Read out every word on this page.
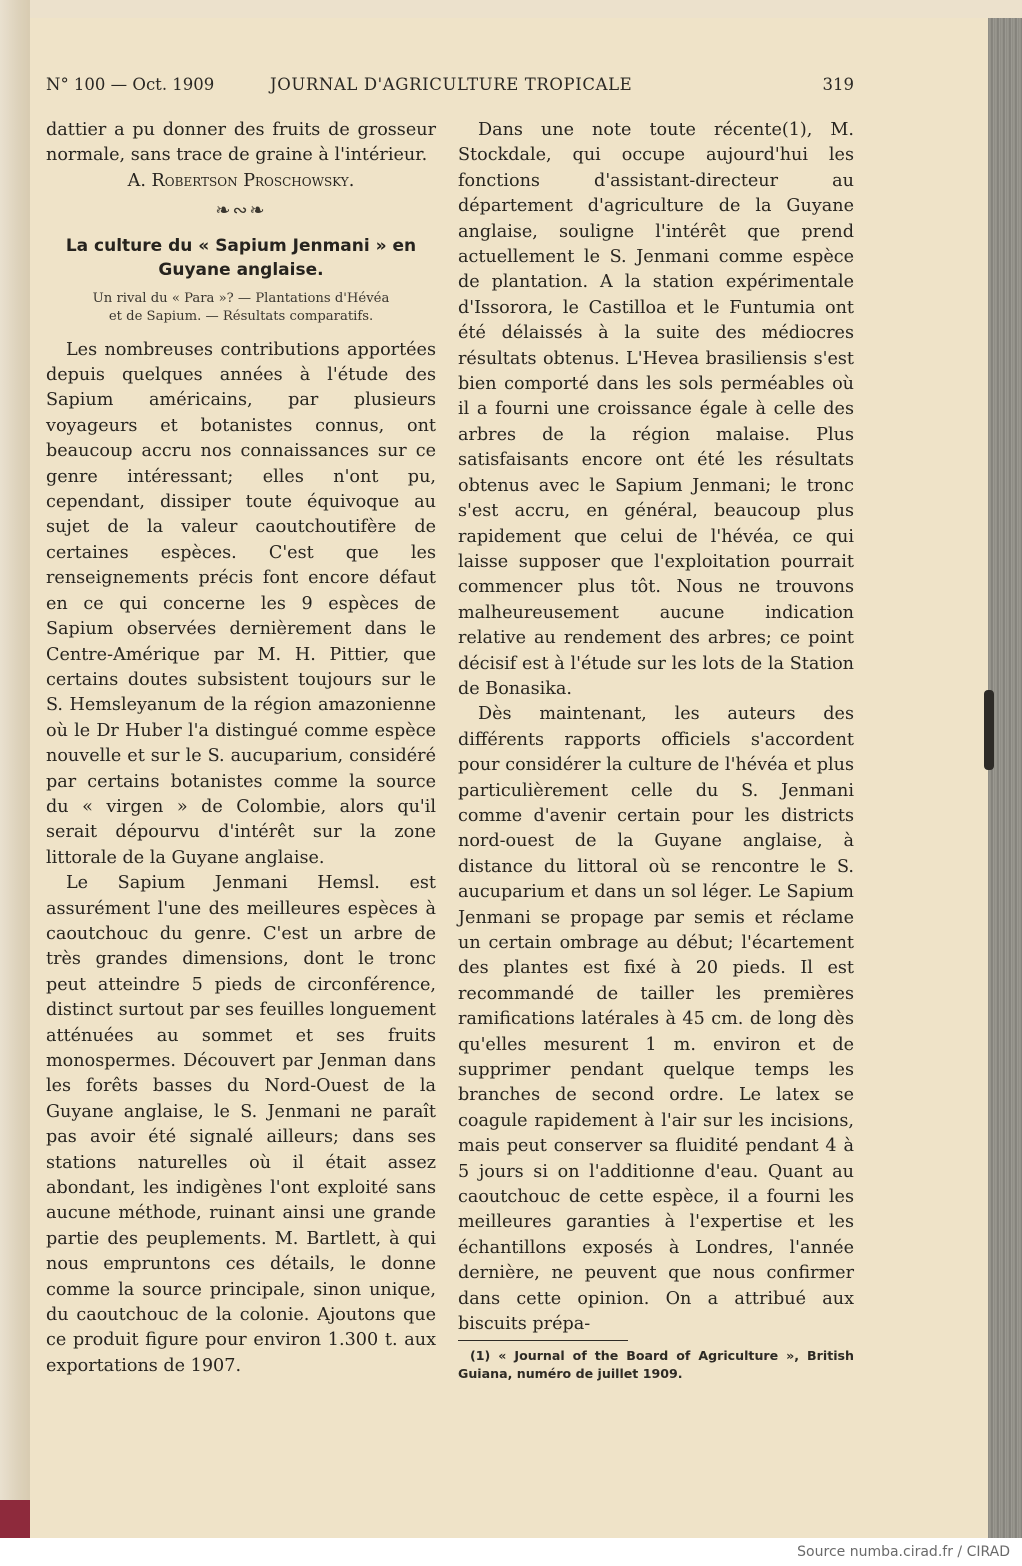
N° 100 — Oct. 1909	JOURNAL D'AGRICULTURE TROPICALE	319

dattier a pu donner des fruits de grosseur normale, sans trace de graine à l'intérieur.

A. Robertson Proschowsky.

❧∾❧
La culture du « Sapium Jenmani » en Guyane anglaise.
Un rival du « Para »? — Plantations d'Hévéa
et de Sapium. — Résultats comparatifs.

Les nombreuses contributions apportées depuis quelques années à l'étude des Sapium américains, par plusieurs voyageurs et botanistes connus, ont beaucoup accru nos connaissances sur ce genre intéressant; elles n'ont pu, cependant, dissiper toute équivoque au sujet de la valeur caoutchoutifère de certaines espèces. C'est que les renseignements précis font encore défaut en ce qui concerne les 9 espèces de Sapium observées dernièrement dans le Centre-Amérique par M. H. Pittier, que certains doutes subsistent toujours sur le S. Hemsleyanum de la région amazonienne où le Dr Huber l'a distingué comme espèce nouvelle et sur le S. aucuparium, considéré par certains botanistes comme la source du « virgen » de Colombie, alors qu'il serait dépourvu d'intérêt sur la zone littorale de la Guyane anglaise.

Le Sapium Jenmani Hemsl. est assurément l'une des meilleures espèces à caoutchouc du genre. C'est un arbre de très grandes dimensions, dont le tronc peut atteindre 5 pieds de circonférence, distinct surtout par ses feuilles longuement atténuées au sommet et ses fruits monospermes. Découvert par Jenman dans les forêts basses du Nord-Ouest de la Guyane anglaise, le S. Jenmani ne paraît pas avoir été signalé ailleurs; dans ses stations naturelles où il était assez abondant, les indigènes l'ont exploité sans aucune méthode, ruinant ainsi une grande partie des peuplements. M. Bartlett, à qui nous empruntons ces détails, le donne comme la source principale, sinon unique, du caoutchouc de la colonie. Ajoutons que ce produit figure pour environ 1.300 t. aux exportations de 1907.

Dans une note toute récente(1), M. Stockdale, qui occupe aujourd'hui les fonctions d'assistant-directeur au département d'agriculture de la Guyane anglaise, souligne l'intérêt que prend actuellement le S. Jenmani comme espèce de plantation. A la station expérimentale d'Issorora, le Castilloa et le Funtumia ont été délaissés à la suite des médiocres résultats obtenus. L'Hevea brasiliensis s'est bien comporté dans les sols perméables où il a fourni une croissance égale à celle des arbres de la région malaise. Plus satisfaisants encore ont été les résultats obtenus avec le Sapium Jenmani; le tronc s'est accru, en général, beaucoup plus rapidement que celui de l'hévéa, ce qui laisse supposer que l'exploitation pourrait commencer plus tôt. Nous ne trouvons malheureusement aucune indication relative au rendement des arbres; ce point décisif est à l'étude sur les lots de la Station de Bonasika.

Dès maintenant, les auteurs des différents rapports officiels s'accordent pour considérer la culture de l'hévéa et plus particulièrement celle du S. Jenmani comme d'avenir certain pour les districts nord-ouest de la Guyane anglaise, à distance du littoral où se rencontre le S. aucuparium et dans un sol léger. Le Sapium Jenmani se propage par semis et réclame un certain ombrage au début; l'écartement des plantes est fixé à 20 pieds. Il est recommandé de tailler les premières ramifications latérales à 45 cm. de long dès qu'elles mesurent 1 m. environ et de supprimer pendant quelque temps les branches de second ordre. Le latex se coagule rapidement à l'air sur les incisions, mais peut conserver sa fluidité pendant 4 à 5 jours si on l'additionne d'eau. Quant au caoutchouc de cette espèce, il a fourni les meilleures garanties à l'expertise et les échantillons exposés à Londres, l'année dernière, ne peuvent que nous confirmer dans cette opinion. On a attribué aux biscuits prépa-

(1) « Journal of the Board of Agriculture », British Guiana, numéro de juillet 1909.
Source numba.cirad.fr / CIRAD
